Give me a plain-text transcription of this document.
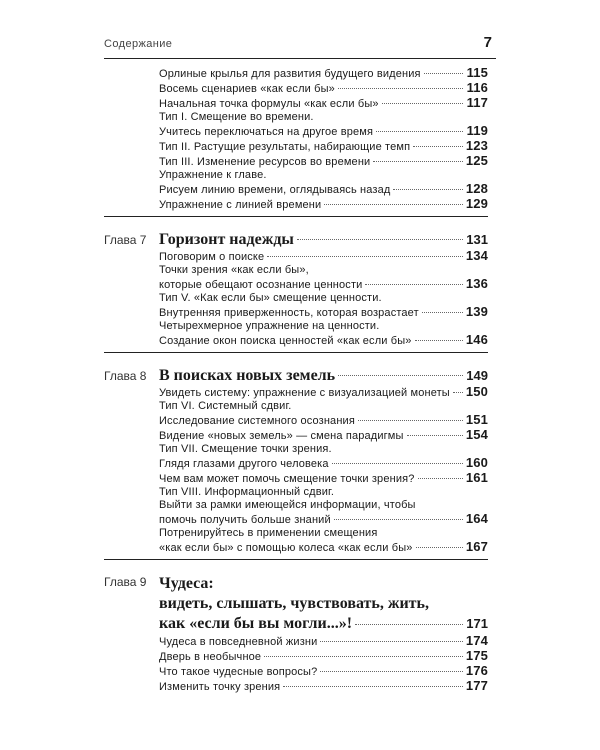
Содержание	7
Орлиные крылья для развития будущего видения	115
Восемь сценариев «как если бы»	116
Начальная точка формулы «как если бы»	117
Тип I. Смещение во времени.
Учитесь переключаться на другое время	119
Тип II. Растущие результаты, набирающие темп	123
Тип III. Изменение ресурсов во времени	125
Упражнение к главе.
Рисуем линию времени, оглядываясь назад	128
Упражнение с линией времени	129
Глава 7 Горизонт надежды	131
Поговорим о поиске	134
Точки зрения «как если бы»,
которые обещают осознание ценности	136
Тип V. «Как если бы» смещение ценности.
Внутренняя приверженность, которая возрастает	139
Четырехмерное упражнение на ценности.
Создание окон поиска ценностей «как если бы»	146
Глава 8 В поисках новых земель	149
Увидеть систему: упражнение с визуализацией монеты 150
Тип VI. Системный сдвиг.
Исследование системного осознания	151
Видение «новых земель» — смена парадигмы	154
Тип VII. Смещение точки зрения.
Глядя глазами другого человека	160
Чем вам может помочь смещение точки зрения?	161
Тип VIII. Информационный сдвиг.
Выйти за рамки имеющейся информации, чтобы
помочь получить больше знаний	164
Потренируйтесь в применении смещения
«как если бы» с помощью колеса «как если бы»	167
Глава 9 Чудеса:
видеть, слышать, чувствовать, жить,
как «если бы вы могли...»!	171
Чудеса в повседневной жизни	174
Дверь в необычное	175
Что такое чудесные вопросы?	176
Изменить точку зрения	177
